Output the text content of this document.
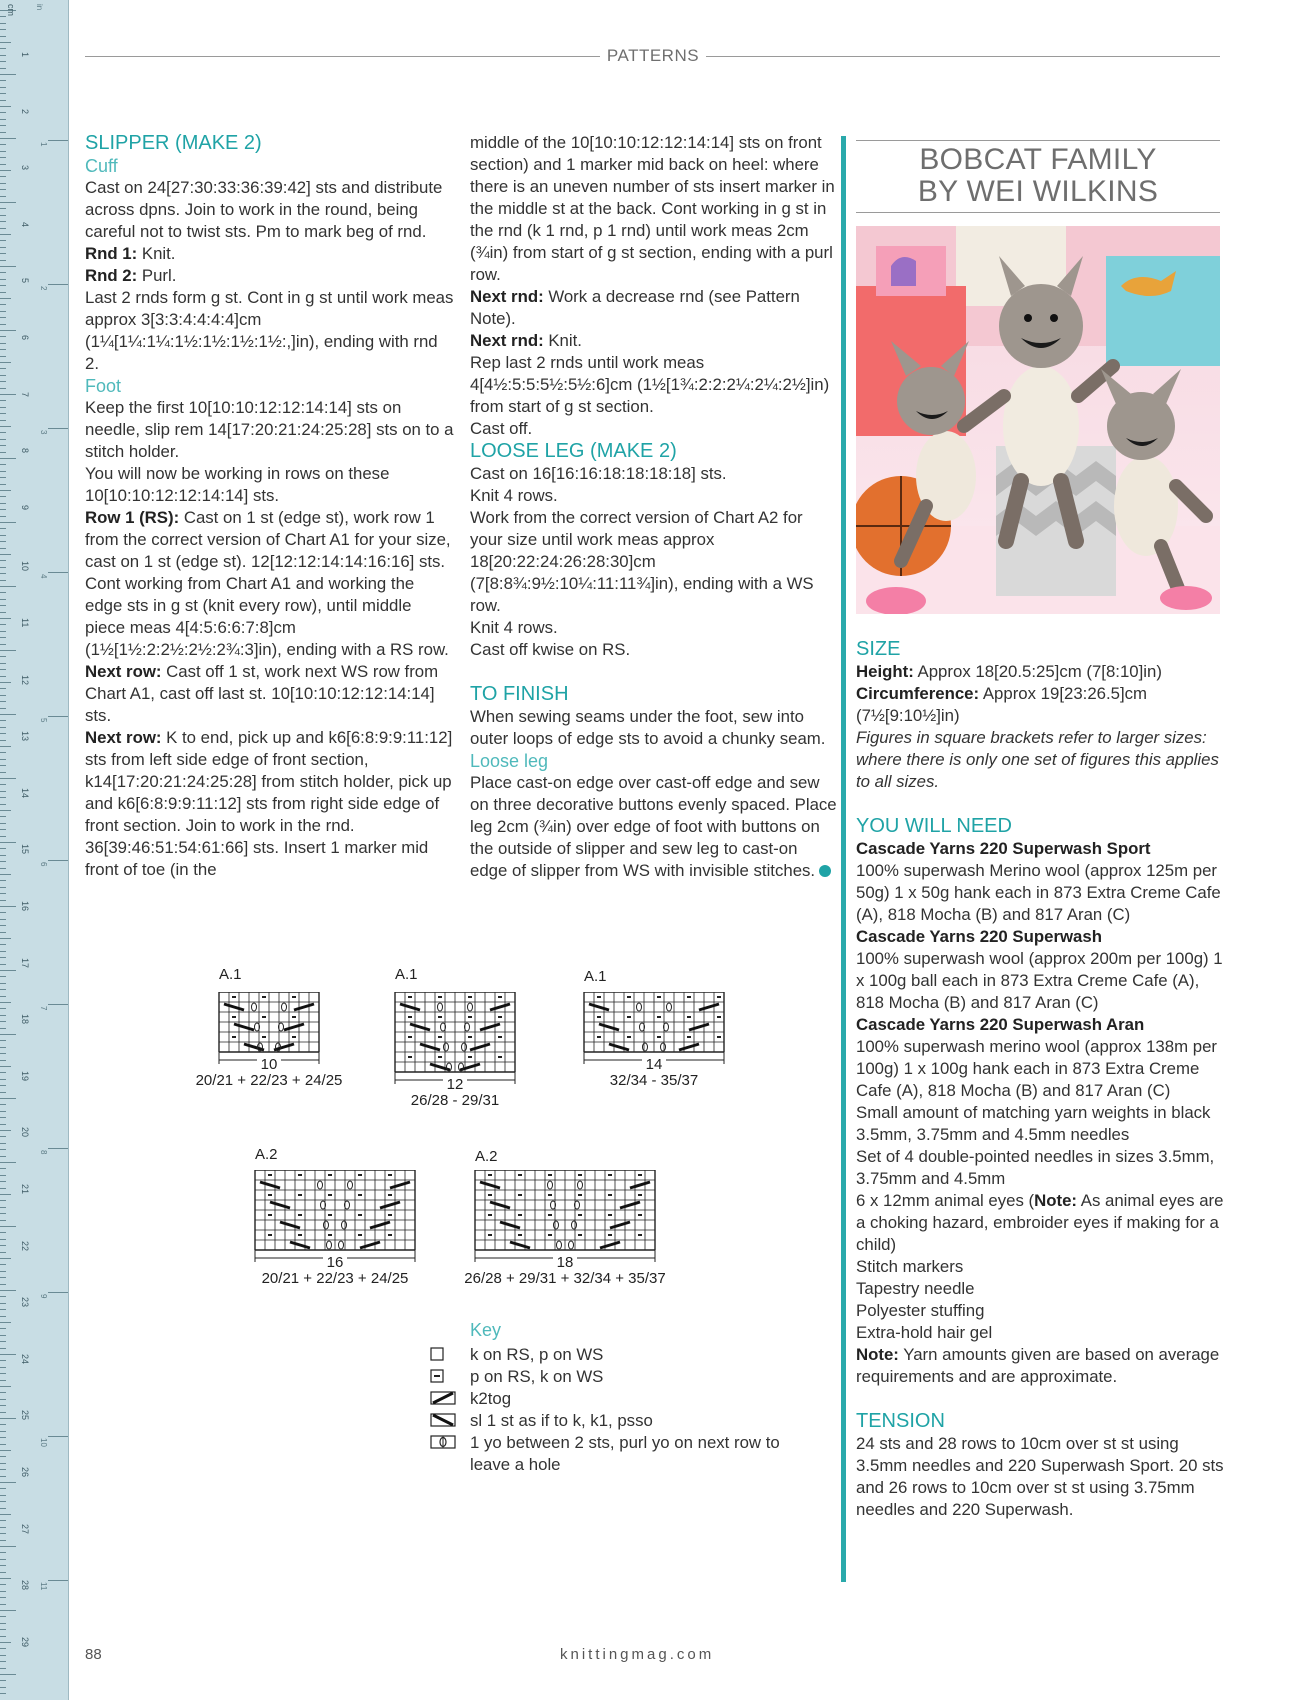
cm in
1
2
3
4
5
6
7
8
9
10
11
12
13
14
15
16
17
18
19
20
21
22
23
24
25
26
27
28
29
1
2
3
4
5
6
7
8
9
10
11
PATTERNS

SLIPPER (MAKE 2)

Cuff

Cast on 24[27:30:33:36:39:42] sts and distribute across dpns. Join to work in the round, being careful not to twist sts. Pm to mark beg of rnd.

Rnd 1: Knit.

Rnd 2: Purl.

Last 2 rnds form g st. Cont in g st until work meas approx 3[3:3:4:4:4:4]cm (1¼[1¼:1¼:1½:1½:1½:1½:,]in), ending with rnd 2.

Foot

Keep the first 10[10:10:12:12:14:14] sts on needle, slip rem 14[17:20:21:24:25:28] sts on to a stitch holder.

You will now be working in rows on these 10[10:10:12:12:14:14] sts.

Row 1 (RS): Cast on 1 st (edge st), work row 1 from the correct version of Chart A1 for your size, cast on 1 st (edge st). 12[12:12:14:14:16:16] sts.

Cont working from Chart A1 and working the edge sts in g st (knit every row), until middle piece meas 4[4:5:6:6:7:8]cm (1½[1½:2:2½:2½:2¾:3]in), ending with a RS row.

Next row: Cast off 1 st, work next WS row from Chart A1, cast off last st. 10[10:10:12:12:14:14] sts.

Next row: K to end, pick up and k6[6:8:9:9:11:12] sts from left side edge of front section, k14[17:20:21:24:25:28] from stitch holder, pick up and k6[6:8:9:9:11:12] sts from right side edge of front section. Join to work in the rnd. 36[39:46:51:54:61:66] sts. Insert 1 marker mid front of toe (in the

middle of the 10[10:10:12:12:14:14] sts on front section) and 1 marker mid back on heel: where there is an uneven number of sts insert marker in the middle st at the back. Cont working in g st in the rnd (k 1 rnd, p 1 rnd) until work meas 2cm (¾in) from start of g st section, ending with a purl row.

Next rnd: Work a decrease rnd (see Pattern Note).

Next rnd: Knit.

Rep last 2 rnds until work meas 4[4½:5:5:5½:5½:6]cm (1½[1¾:2:2:2¼:2¼:2½]in) from start of g st section.

Cast off.

LOOSE LEG (MAKE 2)

Cast on 16[16:16:18:18:18:18] sts.

Knit 4 rows.

Work from the correct version of Chart A2 for your size until work meas approx 18[20:22:24:26:28:30]cm (7[8:8¾:9½:10¼:11:11¾]in), ending with a WS row.

Knit 4 rows.

Cast off kwise on RS.

TO FINISH

When sewing seams under the foot, sew into outer loops of edge sts to avoid a chunky seam.

Loose leg

Place cast-on edge over cast-off edge and sew on three decorative buttons evenly spaced. Place leg 2cm (¾in) over edge of foot with buttons on the outside of slipper and sew leg to cast-on edge of slipper from WS with invisible stitches.

BOBCAT FAMILY
BY WEI WILKINS

SIZE

Height: Approx 18[20.5:25]cm (7[8:10]in)

Circumference: Approx 19[23:26.5]cm (7½[9:10½]in)

Figures in square brackets refer to larger sizes: where there is only one set of figures this applies to all sizes.

YOU WILL NEED

Cascade Yarns 220 Superwash Sport

100% superwash Merino wool (approx 125m per 50g) 1 x 50g hank each in 873 Extra Creme Cafe (A), 818 Mocha (B) and 817 Aran (C)

Cascade Yarns 220 Superwash

100% superwash wool (approx 200m per 100g) 1 x 100g ball each in 873 Extra Creme Cafe (A), 818 Mocha (B) and 817 Aran (C)

Cascade Yarns 220 Superwash Aran

100% superwash merino wool (approx 138m per 100g) 1 x 100g hank each in 873 Extra Creme Cafe (A), 818 Mocha (B) and 817 Aran (C)

Small amount of matching yarn weights in black

3.5mm, 3.75mm and 4.5mm needles

Set of 4 double-pointed needles in sizes 3.5mm, 3.75mm and 4.5mm

6 x 12mm animal eyes (Note: As animal eyes are a choking hazard, embroider eyes if making for a child)

Stitch markers

Tapestry needle

Polyester stuffing

Extra-hold hair gel

Note: Yarn amounts given are based on average requirements and are approximate.

TENSION

24 sts and 28 rows to 10cm over st st using 3.5mm needles and 220 Superwash Sport. 20 sts and 26 rows to 10cm over st st using 3.75mm needles and 220 Superwash.

A.1
10
20/21 + 22/23 + 24/25
A.1
12
26/28 - 29/31
A.1
14
32/34 - 35/37
A.2
16
20/21 + 22/23 + 24/25
A.2
18
26/28 + 29/31 + 32/34 + 35/37
Key
k on RS, p on WS
p on RS, k on WS
k2tog
sl 1 st as if to k, k1, psso
1 yo between 2 sts, purl yo on next row to leave a hole
88	knittingmag.com
